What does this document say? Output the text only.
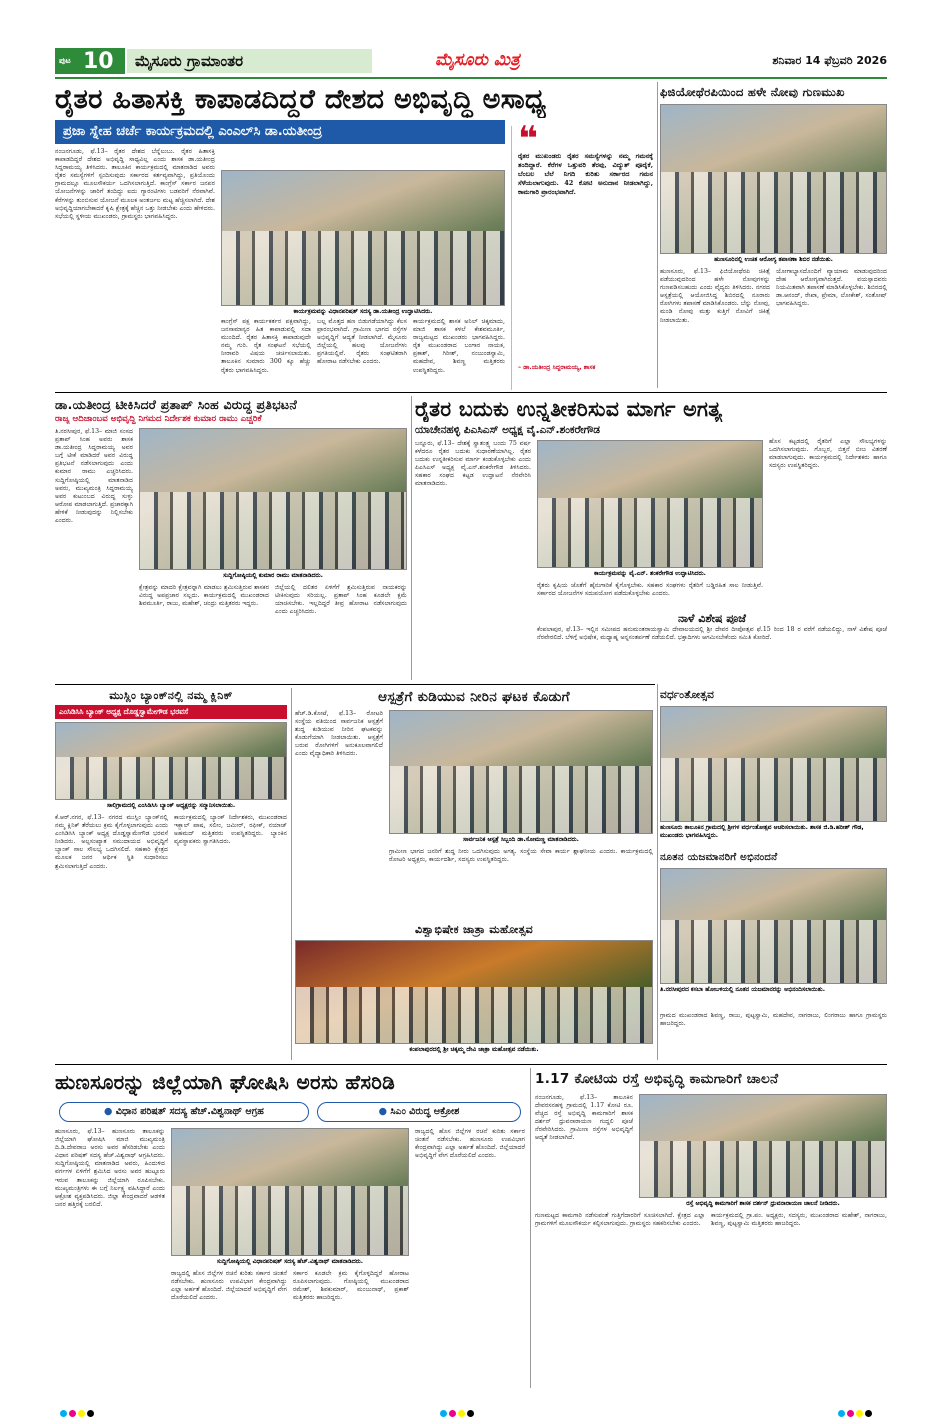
ಪುಟ 10	ಮೈಸೂರು ಗ್ರಾಮಾಂತರ	ಮೈಸೂರು ಮಿತ್ರ	ಶನಿವಾರ 14 ಫೆಬ್ರವರಿ 2026
ರೈತರ ಹಿತಾಸಕ್ತಿ ಕಾಪಾಡದಿದ್ದರೆ ದೇಶದ ಅಭಿವೃದ್ಧಿ ಅಸಾಧ್ಯ
ಪ್ರಜಾ ಸ್ನೇಹ ಚರ್ಚೆ ಕಾರ್ಯಕ್ರಮದಲ್ಲಿ ಎಂಎಲ್‌ಸಿ ಡಾ.ಯತೀಂದ್ರ
ನಂಜನಗೂಡು, ಫೆ.13– ರೈತರ ದೇಶದ ಬೆನ್ನೆಲುಬು. ರೈತರ ಹಿತಾಸಕ್ತಿ ಕಾಪಾಡದಿದ್ದರೆ ದೇಶದ ಅಭಿವೃದ್ಧಿ ಸಾಧ್ಯವಿಲ್ಲ ಎಂದು ಶಾಸಕ ಡಾ.ಯತೀಂದ್ರ ಸಿದ್ದರಾಮಯ್ಯ ತಿಳಿಸಿದರು. ತಾಲೂಕಿನ ಕಾರ್ಯಕ್ರಮದಲ್ಲಿ ಮಾತನಾಡಿದ ಅವರು ರೈತರ ಸಮಸ್ಯೆಗಳಿಗೆ ಸ್ಪಂದಿಸುವುದು ಸರ್ಕಾರದ ಕರ್ತವ್ಯವಾಗಿದ್ದು, ಪ್ರತಿಯೊಂದು ಗ್ರಾಮದಲ್ಲೂ ಮೂಲಸೌಕರ್ಯ ಒದಗಿಸಲಾಗುತ್ತಿದೆ. ಕಾಂಗ್ರೆಸ್ ಸರ್ಕಾರ ಜನಪರ ಯೋಜನೆಗಳನ್ನು ಜಾರಿಗೆ ತಂದಿದ್ದು ಐದು ಗ್ಯಾರಂಟಿಗಳು ಬಡವರಿಗೆ ನೆರವಾಗಿವೆ. ಕೆರೆಗಳನ್ನು ತುಂಬಿಸುವ ಯೋಜನೆ ಮೂಲಕ ಅಂತರ್ಜಲ ಮಟ್ಟ ಹೆಚ್ಚಿಸಲಾಗಿದೆ. ದೇಶ ಅಭಿವೃದ್ಧಿಯಾಗಬೇಕಾದರೆ ಕೃಷಿ ಕ್ಷೇತ್ರಕ್ಕೆ ಹೆಚ್ಚಿನ ಒತ್ತು ನೀಡಬೇಕು ಎಂದು ಹೇಳಿದರು. ಸಭೆಯಲ್ಲಿ ಸ್ಥಳೀಯ ಮುಖಂಡರು, ಗ್ರಾಮಸ್ಥರು ಭಾಗವಹಿಸಿದ್ದರು.
ಕಾರ್ಯಕ್ರಮವನ್ನು ವಿಧಾನಪರಿಷತ್ ಸದಸ್ಯ ಡಾ.ಯತೀಂದ್ರ ಉದ್ಘಾಟಿಸಿದರು.
ಕಾಂಗ್ರೆಸ್ ಪಕ್ಷ ಕಾರ್ಯಕರ್ತರ ಪಕ್ಷವಾಗಿದ್ದು, ಜನಸಾಮಾನ್ಯರ ಹಿತ ಕಾಪಾಡುವಲ್ಲಿ ಸದಾ ಮುಂದಿದೆ. ರೈತರ ಹಿತಾಸಕ್ತಿ ಕಾಪಾಡುವುದೇ ನಮ್ಮ ಗುರಿ. ರೈತ ಸಂಘಟನೆ ಸಭೆಯಲ್ಲಿ ನೀರಾವರಿ ವಿಷಯ ಚರ್ಚಿಸಲಾಯಿತು. ತಾಲೂಕಿನ ಸುಮಾರು 300 ಕ್ಕೂ ಹೆಚ್ಚು ರೈತರು ಭಾಗವಹಿಸಿದ್ದರು.
ಬಲ್ಲ ಮೊತ್ತದ ಹಣ ಬಿಡುಗಡೆಯಾಗಿದ್ದು ಕೆಲಸ ಪ್ರಾರಂಭವಾಗಿದೆ. ಗ್ರಾಮೀಣ ಭಾಗದ ರಸ್ತೆಗಳ ಅಭಿವೃದ್ಧಿಗೆ ಆದ್ಯತೆ ನೀಡಲಾಗಿದೆ. ಮೈಸೂರು ಜಿಲ್ಲೆಯಲ್ಲಿ ಹಲವು ಯೋಜನೆಗಳು ಪ್ರಗತಿಯಲ್ಲಿವೆ. ರೈತರು ಸಂಘಟಿತರಾಗಿ ಹೋರಾಟ ನಡೆಸಬೇಕು ಎಂದರು.
ಕಾರ್ಯಕ್ರಮದಲ್ಲಿ ಶಾಸಕ ಅನಿಲ್ ಚಿಕ್ಕಮಾದು, ಮಾಜಿ ಶಾಸಕ ಕಳಲೆ ಕೇಶವಮೂರ್ತಿ, ರಾಜ್ಯಮಟ್ಟದ ಮುಖಂಡರು ಭಾಗವಹಿಸಿದ್ದರು. ರೈತ ಮುಖಂಡರಾದ ಬಂಗಾರ ನಾಯಕ, ಪ್ರಕಾಶ್, ಗಿರೀಶ್, ನಂಜುಂಡಸ್ವಾಮಿ, ಮಹದೇವ, ಶಿವಣ್ಣ ಮತ್ತಿತರರು ಉಪಸ್ಥಿತರಿದ್ದರು.
❝
ರೈತರ ಮುಖಂಡರು ರೈತರ ಸಮಸ್ಯೆಗಳನ್ನು ನಮ್ಮ ಗಮನಕ್ಕೆ ತಂದಿದ್ದಾರೆ. ಕೆರೆಗಳ ಒತ್ತುವರಿ ತೆರವು, ವಿದ್ಯುತ್ ಪೂರೈಕೆ, ಬೆಂಬಲ ಬೆಲೆ ನಿಗದಿ ಕುರಿತು ಸರ್ಕಾರದ ಗಮನ ಸೆಳೆಯಲಾಗುವುದು. 42 ಕೋಟಿ ಅನುದಾನ ನೀಡಲಾಗಿದ್ದು, ಕಾಮಗಾರಿ ಪ್ರಾರಂಭವಾಗಿದೆ.
– ಡಾ.ಯತೀಂದ್ರ ಸಿದ್ದರಾಮಯ್ಯ, ಶಾಸಕ
ಫಿಜಿಯೋಥೆರಪಿಯಿಂದ ಹಳೇ ನೋವು ಗುಣಮುಖ
ಹುಣಸೂರಿನಲ್ಲಿ ಉಚಿತ ಆರೋಗ್ಯ ತಪಾಸಣಾ ಶಿಬಿರ ನಡೆಯಿತು.
ಹುಣಸೂರು, ಫೆ.13– ಫಿಜಿಯೋಥೆರಪಿ ಚಿಕಿತ್ಸೆ ಪಡೆಯುವುದರಿಂದ ಹಳೇ ನೋವುಗಳನ್ನು ಗುಣಪಡಿಸಬಹುದು ಎಂದು ವೈದ್ಯರು ತಿಳಿಸಿದರು. ನಗರದ ಆಸ್ಪತ್ರೆಯಲ್ಲಿ ಆಯೋಜಿಸಿದ್ದ ಶಿಬಿರದಲ್ಲಿ ನೂರಾರು ರೋಗಿಗಳು ತಪಾಸಣೆ ಮಾಡಿಸಿಕೊಂಡರು. ಬೆನ್ನು ನೋವು, ಮಂಡಿ ನೋವು ಮತ್ತು ಕುತ್ತಿಗೆ ನೋವಿಗೆ ಚಿಕಿತ್ಸೆ ನೀಡಲಾಯಿತು.
ಯೋಗಾಭ್ಯಾಸದೊಂದಿಗೆ ವ್ಯಾಯಾಮ ಮಾಡುವುದರಿಂದ ದೇಹ ಆರೋಗ್ಯವಾಗಿರುತ್ತದೆ. ವಯಸ್ಸಾದವರು ನಿಯಮಿತವಾಗಿ ತಪಾಸಣೆ ಮಾಡಿಸಿಕೊಳ್ಳಬೇಕು. ಶಿಬಿರದಲ್ಲಿ ಡಾ.ಆನಂದ್, ರೇಖಾ, ಪ್ರೇಮಾ, ಲೋಕೇಶ್, ಸಂತೋಷ್ ಭಾಗವಹಿಸಿದ್ದರು.
ಡಾ.ಯತೀಂದ್ರ ಟೀಕಿಸಿದರೆ ಪ್ರತಾಪ್ ಸಿಂಹ ವಿರುದ್ಧ ಪ್ರತಿಭಟನೆ
ರಾಜ್ಯ ಆದಿಜಾಂಬವ ಅಭಿವೃದ್ಧಿ ನಿಗಮದ ನಿರ್ದೇಶಕ ಕುಮಾರ ರಾಮು ಎಚ್ಚರಿಕೆ
ತಿ.ನರಸೀಪುರ, ಫೆ.13– ಮಾಜಿ ಸಂಸದ ಪ್ರತಾಪ್ ಸಿಂಹ ಅವರು ಶಾಸಕ ಡಾ.ಯತೀಂದ್ರ ಸಿದ್ದರಾಮಯ್ಯ ಅವರ ಬಗ್ಗೆ ಟೀಕೆ ಮಾಡಿದರೆ ಅವರ ವಿರುದ್ಧ ಪ್ರತಿಭಟನೆ ನಡೆಸಲಾಗುವುದು ಎಂದು ಕುಮಾರ ರಾಮು ಎಚ್ಚರಿಸಿದರು. ಸುದ್ದಿಗೋಷ್ಠಿಯಲ್ಲಿ ಮಾತನಾಡಿದ ಅವರು, ಮುಖ್ಯಮಂತ್ರಿ ಸಿದ್ದರಾಮಯ್ಯ ಅವರ ಕುಟುಂಬದ ವಿರುದ್ಧ ಸುಳ್ಳು ಆರೋಪ ಮಾಡಲಾಗುತ್ತಿದೆ. ಪ್ರಚಾರಕ್ಕಾಗಿ ಹೇಳಿಕೆ ನೀಡುವುದನ್ನು ನಿಲ್ಲಿಸಬೇಕು ಎಂದರು.
ಸುದ್ದಿಗೋಷ್ಠಿಯಲ್ಲಿ ಕುಮಾರ ರಾಮು ಮಾತನಾಡಿದರು.
ಕ್ಷೇತ್ರವನ್ನು ಮಾದರಿ ಕ್ಷೇತ್ರವನ್ನಾಗಿ ಮಾಡಲು ಶ್ರಮಿಸುತ್ತಿರುವ ಶಾಸಕರ ವಿರುದ್ಧ ಅಪಪ್ರಚಾರ ಸಲ್ಲದು. ಕಾರ್ಯಕ್ರಮದಲ್ಲಿ ಮುಖಂಡರಾದ ಶಿವಮೂರ್ತಿ, ರಾಜು, ಮಹೇಶ್, ಚಂದ್ರು ಮತ್ತಿತರರು ಇದ್ದರು.
ಜಿಲ್ಲೆಯಲ್ಲಿ ದಲಿತರ ಏಳಿಗೆಗೆ ಶ್ರಮಿಸುತ್ತಿರುವ ನಾಯಕರನ್ನು ಟೀಕಿಸುವುದು ಸರಿಯಲ್ಲ. ಪ್ರತಾಪ್ ಸಿಂಹ ಕೂಡಲೇ ಕ್ಷಮೆ ಯಾಚಿಸಬೇಕು. ಇಲ್ಲದಿದ್ದರೆ ತೀವ್ರ ಹೋರಾಟ ನಡೆಸಲಾಗುವುದು ಎಂದು ಎಚ್ಚರಿಸಿದರು.
ರೈತರ ಬದುಕು ಉನ್ನತೀಕರಿಸುವ ಮಾರ್ಗ ಅಗತ್ಯ
ಯಾಚೇನಹಳ್ಳಿ ಪಿಎಸಿಎಸ್ ಅಧ್ಯಕ್ಷ ವೈ.ಎನ್.ಶಂಕರೇಗೌಡ
ಬನ್ನೂರು, ಫೆ.13– ದೇಶಕ್ಕೆ ಸ್ವಾತಂತ್ರ್ಯ ಬಂದು 75 ವರ್ಷ ಕಳೆದರೂ ರೈತರ ಬದುಕು ಸುಧಾರಣೆಯಾಗಿಲ್ಲ. ರೈತರ ಬದುಕು ಉನ್ನತೀಕರಿಸುವ ಮಾರ್ಗ ಕಂಡುಕೊಳ್ಳಬೇಕು ಎಂದು ಪಿಎಸಿಎಸ್ ಅಧ್ಯಕ್ಷ ವೈ.ಎನ್.ಶಂಕರೇಗೌಡ ತಿಳಿಸಿದರು. ಸಹಕಾರ ಸಂಘದ ಕಟ್ಟಡ ಉದ್ಘಾಟನೆ ನೆರವೇರಿಸಿ ಮಾತನಾಡಿದರು.
ಕಾರ್ಯಕ್ರಮವನ್ನು ವೈ.ಎನ್. ಶಂಕರೇಗೌಡ ಉದ್ಘಾಟಿಸಿದರು.
ರೈತರು ಕೃಷಿಯ ಜೊತೆಗೆ ಹೈನುಗಾರಿಕೆ ಕೈಗೊಳ್ಳಬೇಕು. ಸಹಕಾರ ಸಂಘಗಳು ರೈತರಿಗೆ ಬಡ್ಡಿರಹಿತ ಸಾಲ ನೀಡುತ್ತಿವೆ. ಸರ್ಕಾರದ ಯೋಜನೆಗಳ ಸದುಪಯೋಗ ಪಡೆದುಕೊಳ್ಳಬೇಕು ಎಂದರು.
ಹೊಸ ಕಟ್ಟಡದಲ್ಲಿ ರೈತರಿಗೆ ಎಲ್ಲಾ ಸೌಲಭ್ಯಗಳನ್ನು ಒದಗಿಸಲಾಗುವುದು. ಗೊಬ್ಬರ, ಬಿತ್ತನೆ ಬೀಜ ವಿತರಣೆ ಮಾಡಲಾಗುವುದು. ಕಾರ್ಯಕ್ರಮದಲ್ಲಿ ನಿರ್ದೇಶಕರು ಹಾಗೂ ಸದಸ್ಯರು ಉಪಸ್ಥಿತರಿದ್ದರು.
ನಾಳೆ ವಿಶೇಷ ಪೂಜೆ
ಕೆಂಪಲಾಪುರ, ಫೆ.13– ಇಲ್ಲಿನ ಸಮೀಪದ ಹನುಮಂತರಾಯಸ್ವಾಮಿ ದೇವಾಲಯದಲ್ಲಿ ಶ್ರೀ ದೇವರ ದೀಪೋತ್ಸವ ಫೆ.15 ರಿಂದ 18 ರ ವರೆಗೆ ನಡೆಯಲಿದ್ದು, ನಾಳೆ ವಿಶೇಷ ಪೂಜೆ ನೆರವೇರಲಿದೆ. ಬೆಳಿಗ್ಗೆ ಅಭಿಷೇಕ, ಮಧ್ಯಾಹ್ನ ಅನ್ನಸಂತರ್ಪಣೆ ನಡೆಯಲಿದೆ. ಭಕ್ತಾದಿಗಳು ಆಗಮಿಸಬೇಕೆಂದು ಸಮಿತಿ ಕೋರಿದೆ.
ಮುಸ್ಲಿಂ ಬ್ಯಾಂಕ್‌ನಲ್ಲಿ ನಮ್ಮ ಕ್ಲಿನಿಕ್
ಎಂಸಿಡಿಸಿಸಿ ಬ್ಯಾಂಕ್ ಅಧ್ಯಕ್ಷ ದೊಡ್ಡಸ್ವಾಮೇಗೌಡ ಭರವಸೆ
ಸಾಲಿಗ್ರಾಮದಲ್ಲಿ ಎಂಸಿಡಿಸಿಸಿ ಬ್ಯಾಂಕ್ ಅಧ್ಯಕ್ಷರನ್ನು ಸನ್ಮಾನಿಸಲಾಯಿತು.
ಕೆ.ಆರ್.ನಗರ, ಫೆ.13– ನಗರದ ಮುಸ್ಲಿಂ ಬ್ಯಾಂಕ್‌ನಲ್ಲಿ ನಮ್ಮ ಕ್ಲಿನಿಕ್ ತೆರೆಯಲು ಕ್ರಮ ಕೈಗೊಳ್ಳಲಾಗುವುದು ಎಂದು ಎಂಸಿಡಿಸಿಸಿ ಬ್ಯಾಂಕ್ ಅಧ್ಯಕ್ಷ ದೊಡ್ಡಸ್ವಾಮೇಗೌಡ ಭರವಸೆ ನೀಡಿದರು. ಅಲ್ಪಸಂಖ್ಯಾತ ಸಮುದಾಯದ ಅಭಿವೃದ್ಧಿಗೆ ಬ್ಯಾಂಕ್ ಸಾಲ ಸೌಲಭ್ಯ ಒದಗಿಸಲಿದೆ. ಸಹಕಾರಿ ಕ್ಷೇತ್ರದ ಮೂಲಕ ಜನರ ಆರ್ಥಿಕ ಸ್ಥಿತಿ ಸುಧಾರಿಸಲು ಶ್ರಮಿಸಲಾಗುತ್ತಿದೆ ಎಂದರು.
ಕಾರ್ಯಕ್ರಮದಲ್ಲಿ ಬ್ಯಾಂಕ್ ನಿರ್ದೇಶಕರು, ಮುಖಂಡರಾದ ಇಕ್ಬಾಲ್ ಪಾಷ, ಸಲೀಂ, ಜಮೀರ್, ರಫೀಕ್, ನಯಾಜ್ ಅಹಮದ್ ಮತ್ತಿತರರು ಉಪಸ್ಥಿತರಿದ್ದರು. ಬ್ಯಾಂಕಿನ ವ್ಯವಸ್ಥಾಪಕರು ಸ್ವಾಗತಿಸಿದರು.
ಆಸ್ಪತ್ರೆಗೆ ಕುಡಿಯುವ ನೀರಿನ ಘಟಕ ಕೊಡುಗೆ
ಹೆಚ್.ಡಿ.ಕೋಟೆ, ಫೆ.13– ರೋಟರಿ ಸಂಸ್ಥೆಯ ವತಿಯಿಂದ ಸಾರ್ವಜನಿಕ ಆಸ್ಪತ್ರೆಗೆ ಶುದ್ಧ ಕುಡಿಯುವ ನೀರಿನ ಘಟಕವನ್ನು ಕೊಡುಗೆಯಾಗಿ ನೀಡಲಾಯಿತು. ಆಸ್ಪತ್ರೆಗೆ ಬರುವ ರೋಗಿಗಳಿಗೆ ಅನುಕೂಲವಾಗಲಿದೆ ಎಂದು ವೈದ್ಯಾಧಿಕಾರಿ ತಿಳಿಸಿದರು.
ಸಾರ್ವಜನಿಕ ಆಸ್ಪತ್ರೆ ಸಿಬ್ಬಂದಿ ಡಾ.ಸೋಮಣ್ಣ ಮಾತನಾಡಿದರು.
ಗ್ರಾಮೀಣ ಭಾಗದ ಜನರಿಗೆ ಶುದ್ಧ ನೀರು ಒದಗಿಸುವುದು ಅಗತ್ಯ. ಸಂಸ್ಥೆಯ ಸೇವಾ ಕಾರ್ಯ ಶ್ಲಾಘನೀಯ ಎಂದರು. ಕಾರ್ಯಕ್ರಮದಲ್ಲಿ ರೋಟರಿ ಅಧ್ಯಕ್ಷರು, ಕಾರ್ಯದರ್ಶಿ, ಸದಸ್ಯರು ಉಪಸ್ಥಿತರಿದ್ದರು.
ವಿಶ್ವಾಭಿಷೇಕ ಜಾತ್ರಾ ಮಹೋತ್ಸವ
ಕಂಪಲಾಪುರದಲ್ಲಿ ಶ್ರೀ ಚಿಕ್ಕಮ್ಮ ದೇವಿ ಜಾತ್ರಾ ಮಹೋತ್ಸವ ನಡೆಯಿತು.
ವರ್ಧಂತೋತ್ಸವ
ಹುಣಸೂರು ತಾಲೂಕಿನ ಗ್ರಾಮದಲ್ಲಿ ಶ್ರೀಗಳ ವರ್ಧಂತೋತ್ಸವ ಆಚರಿಸಲಾಯಿತು. ಶಾಸಕ ಜಿ.ಡಿ.ಹರೀಶ್ ಗೌಡ, ಮುಖಂಡರು ಭಾಗವಹಿಸಿದ್ದರು.
ನೂತನ ಯಜಮಾನರಿಗೆ ಅಭಿನಂದನೆ
ತಿ.ನರಸೀಪುರದ ಕಸಬಾ ಹೋಬಳಿಯಲ್ಲಿ ನೂತನ ಯಜಮಾನರನ್ನು ಅಭಿನಂದಿಸಲಾಯಿತು.
ಗ್ರಾಮದ ಮುಖಂಡರಾದ ಶಿವಣ್ಣ, ರಾಜು, ಪುಟ್ಟಸ್ವಾಮಿ, ಮಹದೇವ, ನಾಗರಾಜು, ಲಿಂಗರಾಜು ಹಾಗೂ ಗ್ರಾಮಸ್ಥರು ಹಾಜರಿದ್ದರು.
ಹುಣಸೂರನ್ನು ಜಿಲ್ಲೆಯಾಗಿ ಘೋಷಿಸಿ ಅರಸು ಹೆಸರಿಡಿ
● ವಿಧಾನ ಪರಿಷತ್ ಸದಸ್ಯ ಹೆಚ್.ವಿಶ್ವನಾಥ್ ಆಗ್ರಹ	● ಸಿಎಂ ವಿರುದ್ಧ ಆಕ್ರೋಶ
ಹುಣಸೂರು, ಫೆ.13– ಹುಣಸೂರು ತಾಲೂಕನ್ನು ಜಿಲ್ಲೆಯಾಗಿ ಘೋಷಿಸಿ ಮಾಜಿ ಮುಖ್ಯಮಂತ್ರಿ ದಿ.ಡಿ.ದೇವರಾಜ ಅರಸು ಅವರ ಹೆಸರಿಡಬೇಕು ಎಂದು ವಿಧಾನ ಪರಿಷತ್ ಸದಸ್ಯ ಹೆಚ್.ವಿಶ್ವನಾಥ್ ಆಗ್ರಹಿಸಿದರು. ಸುದ್ದಿಗೋಷ್ಠಿಯಲ್ಲಿ ಮಾತನಾಡಿದ ಅವರು, ಹಿಂದುಳಿದ ವರ್ಗಗಳ ಏಳಿಗೆಗೆ ಶ್ರಮಿಸಿದ ಅರಸು ಅವರ ಹುಟ್ಟೂರು ಇರುವ ತಾಲೂಕನ್ನು ಜಿಲ್ಲೆಯಾಗಿ ರೂಪಿಸಬೇಕು. ಮುಖ್ಯಮಂತ್ರಿಗಳು ಈ ಬಗ್ಗೆ ನಿರ್ಲಕ್ಷ್ಯ ವಹಿಸಿದ್ದಾರೆ ಎಂದು ಆಕ್ರೋಶ ವ್ಯಕ್ತಪಡಿಸಿದರು. ಜಿಲ್ಲಾ ಕೇಂದ್ರವಾದರೆ ಆಡಳಿತ ಜನರ ಹತ್ತಿರಕ್ಕೆ ಬರಲಿದೆ.
ಸುದ್ದಿಗೋಷ್ಠಿಯಲ್ಲಿ ವಿಧಾನಪರಿಷತ್ ಸದಸ್ಯ ಹೆಚ್.ವಿಶ್ವನಾಥ್ ಮಾತನಾಡಿದರು.
ರಾಜ್ಯದಲ್ಲಿ ಹೊಸ ಜಿಲ್ಲೆಗಳ ರಚನೆ ಕುರಿತು ಸರ್ಕಾರ ಚಿಂತನೆ ನಡೆಸಬೇಕು. ಹುಣಸೂರು ಉಪವಿಭಾಗ ಕೇಂದ್ರವಾಗಿದ್ದು ಎಲ್ಲಾ ಅರ್ಹತೆ ಹೊಂದಿದೆ. ಜಿಲ್ಲೆಯಾದರೆ ಅಭಿವೃದ್ಧಿಗೆ ವೇಗ ದೊರೆಯಲಿದೆ ಎಂದರು.
ಸರ್ಕಾರ ಕೂಡಲೇ ಕ್ರಮ ಕೈಗೊಳ್ಳದಿದ್ದರೆ ಹೋರಾಟ ರೂಪಿಸಲಾಗುವುದು. ಗೋಷ್ಠಿಯಲ್ಲಿ ಮುಖಂಡರಾದ ರಮೇಶ್, ಶಿವಕುಮಾರ್, ಮಂಜುನಾಥ್, ಪ್ರಕಾಶ್ ಮತ್ತಿತರರು ಹಾಜರಿದ್ದರು.
ರಾಜ್ಯದಲ್ಲಿ ಹೊಸ ಜಿಲ್ಲೆಗಳ ರಚನೆ ಕುರಿತು ಸರ್ಕಾರ ಚಿಂತನೆ ನಡೆಸಬೇಕು. ಹುಣಸೂರು ಉಪವಿಭಾಗ ಕೇಂದ್ರವಾಗಿದ್ದು ಎಲ್ಲಾ ಅರ್ಹತೆ ಹೊಂದಿದೆ. ಜಿಲ್ಲೆಯಾದರೆ ಅಭಿವೃದ್ಧಿಗೆ ವೇಗ ದೊರೆಯಲಿದೆ ಎಂದರು.
1.17 ಕೋಟಿಯ ರಸ್ತೆ ಅಭಿವೃದ್ಧಿ ಕಾಮಗಾರಿಗೆ ಚಾಲನೆ
ನಂಜನಗೂಡು, ಫೆ.13– ತಾಲೂಕಿನ ದೇವರಸನಹಳ್ಳಿ ಗ್ರಾಮದಲ್ಲಿ 1.17 ಕೋಟಿ ರೂ. ವೆಚ್ಚದ ರಸ್ತೆ ಅಭಿವೃದ್ಧಿ ಕಾಮಗಾರಿಗೆ ಶಾಸಕ ದರ್ಶನ್ ಧ್ರುವನಾರಾಯಣ ಗುದ್ದಲಿ ಪೂಜೆ ನೆರವೇರಿಸಿದರು. ಗ್ರಾಮೀಣ ರಸ್ತೆಗಳ ಅಭಿವೃದ್ಧಿಗೆ ಆದ್ಯತೆ ನೀಡಲಾಗಿದೆ.
ರಸ್ತೆ ಅಭಿವೃದ್ಧಿ ಕಾಮಗಾರಿಗೆ ಶಾಸಕ ದರ್ಶನ್ ಧ್ರುವನಾರಾಯಣ ಚಾಲನೆ ನೀಡಿದರು.
ಗುಣಮಟ್ಟದ ಕಾಮಗಾರಿ ನಡೆಸುವಂತೆ ಗುತ್ತಿಗೆದಾರರಿಗೆ ಸೂಚಿಸಲಾಗಿದೆ. ಕ್ಷೇತ್ರದ ಎಲ್ಲಾ ಗ್ರಾಮಗಳಿಗೆ ಮೂಲಸೌಕರ್ಯ ಕಲ್ಪಿಸಲಾಗುವುದು. ಗ್ರಾಮಸ್ಥರು ಸಹಕರಿಸಬೇಕು ಎಂದರು.
ಕಾರ್ಯಕ್ರಮದಲ್ಲಿ ಗ್ರಾ.ಪಂ. ಅಧ್ಯಕ್ಷರು, ಸದಸ್ಯರು, ಮುಖಂಡರಾದ ಮಹೇಶ್, ನಾಗರಾಜು, ಶಿವಣ್ಣ, ಪುಟ್ಟಸ್ವಾಮಿ ಮತ್ತಿತರರು ಹಾಜರಿದ್ದರು.
